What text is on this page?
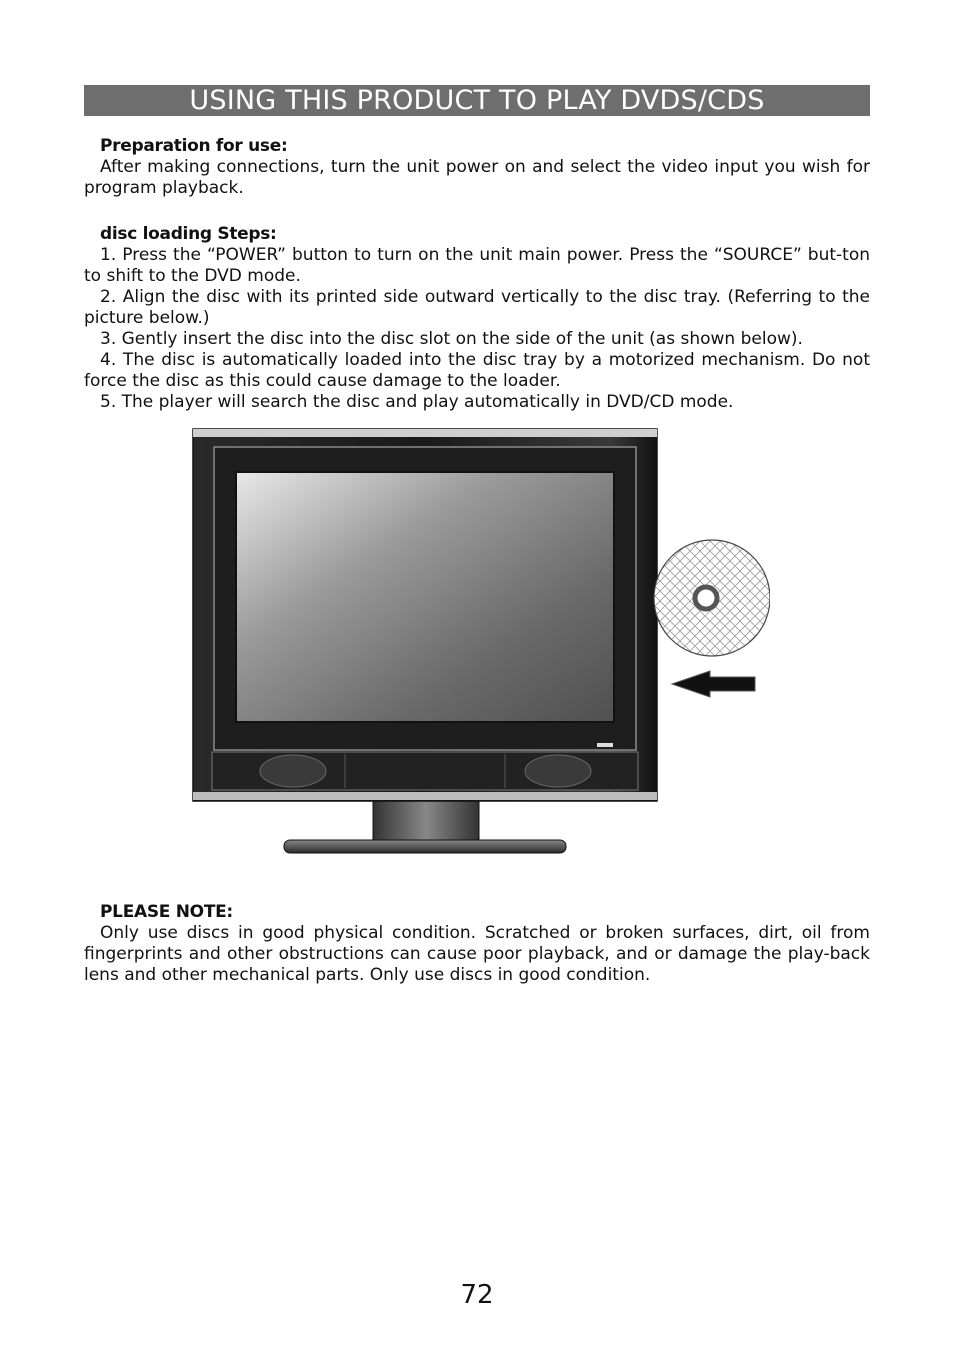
USING THIS PRODUCT TO PLAY DVDS/CDS
Preparation for use:

After making connections, turn the unit power on and select the video input you wish for program playback.

disc loading Steps:

1. Press the “POWER” button to turn on the unit main power. Press the “SOURCE” but-ton to shift to the DVD mode.

2. Align the disc with its printed side outward vertically to the disc tray. (Referring to the picture below.)

3. Gently insert the disc into the disc slot on the side of the unit (as shown below).

4. The disc is automatically loaded into the disc tray by a motorized mechanism. Do not force the disc as this could cause damage to the loader.

5. The player will search the disc and play automatically in DVD/CD mode.

PLEASE NOTE:

Only use discs in good physical condition. Scratched or broken surfaces, dirt, oil from fingerprints and other obstructions can cause poor playback, and or damage the play-back lens and other mechanical parts. Only use discs in good condition.

72
